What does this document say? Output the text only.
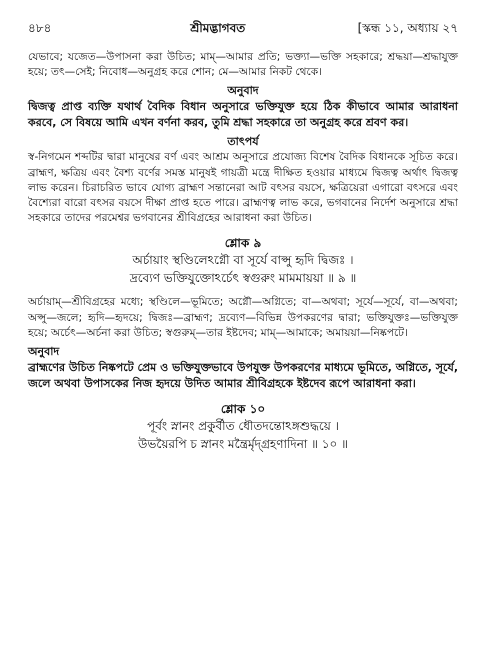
৪৮৪	শ্রীমদ্ভাগবত	[স্কন্ধ ১১, অধ্যায় ২৭

যেভাবে; যজেত—উপাসনা করা উচিত; মাম্—আমার প্রতি; ভক্ত্যা—ভক্তি সহকারে; শ্রদ্ধয়া—শ্রদ্ধাযুক্ত হয়ে; তৎ—সেই; নিবোধ—অনুগ্রহ করে শোন; মে—আমার নিকট থেকে।

অনুবাদ

দ্বিজত্ব প্রাপ্ত ব্যক্তি যথার্থ বৈদিক বিধান অনুসারে ভক্তিযুক্ত হয়ে ঠিক কীভাবে আমার আরাধনা করবে, সে বিষয়ে আমি এখন বর্ণনা করব, তুমি শ্রদ্ধা সহকারে তা অনুগ্রহ করে শ্রবণ কর।

তাৎপর্য

স্ব-নিগমেন শব্দটির দ্বারা মানুষের বর্ণ এবং আশ্রম অনুসারে প্রযোজ্য বিশেষ বৈদিক বিধানকে সূচিত করে। ব্রাহ্মণ, ক্ষত্রিয় এবং বৈশ্য বর্ণের সমস্ত মানুষই গায়ত্রী মন্ত্রে দীক্ষিত হওয়ার মাধ্যমে দ্বিজত্ব অর্থাৎ দ্বিজত্ব লাভ করেন। চিরাচরিত ভাবে যোগ্য ব্রাহ্মণ সন্তানেরা আট বৎসর বয়সে, ক্ষত্রিয়েরা এগারো বৎসরে এবং বৈশ্যেরা বারো বৎসর বয়সে দীক্ষা প্রাপ্ত হতে পারে। ব্রাহ্মণত্ব লাভ করে, ভগবানের নির্দেশ অনুসারে শ্রদ্ধা সহকারে তাদের পরমেশ্বর ভগবানের শ্রীবিগ্রহের আরাধনা করা উচিত।

শ্লোক ৯
অর্চায়াং স্থণ্ডিলেঽগ্নৌ বা সূর্যে বাপ্সু হৃদি দ্বিজঃ ।
দ্রব্যেণ ভক্তিযুক্তোঽর্চেৎ স্বগুরুং মামমায়য়া ॥ ৯ ॥

অর্চায়াম্—শ্রীবিগ্রহের মধ্যে; স্থণ্ডিলে—ভূমিতে; অগ্নৌ—অগ্নিতে; বা—অথবা; সূর্যে—সূর্যে, বা—অথবা; অপ্সু—জলে; হৃদি—হৃদয়ে; দ্বিজঃ—ব্রাহ্মণ; দ্রব্যেণ—বিভিন্ন উপকরণের দ্বারা; ভক্তিযুক্তঃ—ভক্তিযুক্ত হয়ে; অর্চেৎ—অর্চনা করা উচিত; স্বগুরুম্—তার ইষ্টদেব; মাম্—আমাকে; অমায়য়া—নিষ্কপটে।

অনুবাদ

ব্রাহ্মণের উচিত নিষ্কপটে প্রেম ও ভক্তিযুক্তভাবে উপযুক্ত উপকরণের মাধ্যমে ভূমিতে, অগ্নিতে, সূর্যে, জলে অথবা উপাসকের নিজ হৃদয়ে উদিত আমার শ্রীবিগ্রহকে ইষ্টদেব রূপে আরাধনা করা।

শ্লোক ১০
পূর্বং স্নানং প্রকুর্বীত ধৌতদন্তোঽঙ্গশুদ্ধয়ে ।
উভয়ৈরপি চ স্নানং মন্ত্রৈর্মৃদ্‌গ্রহণাদিনা ॥ ১০ ॥
